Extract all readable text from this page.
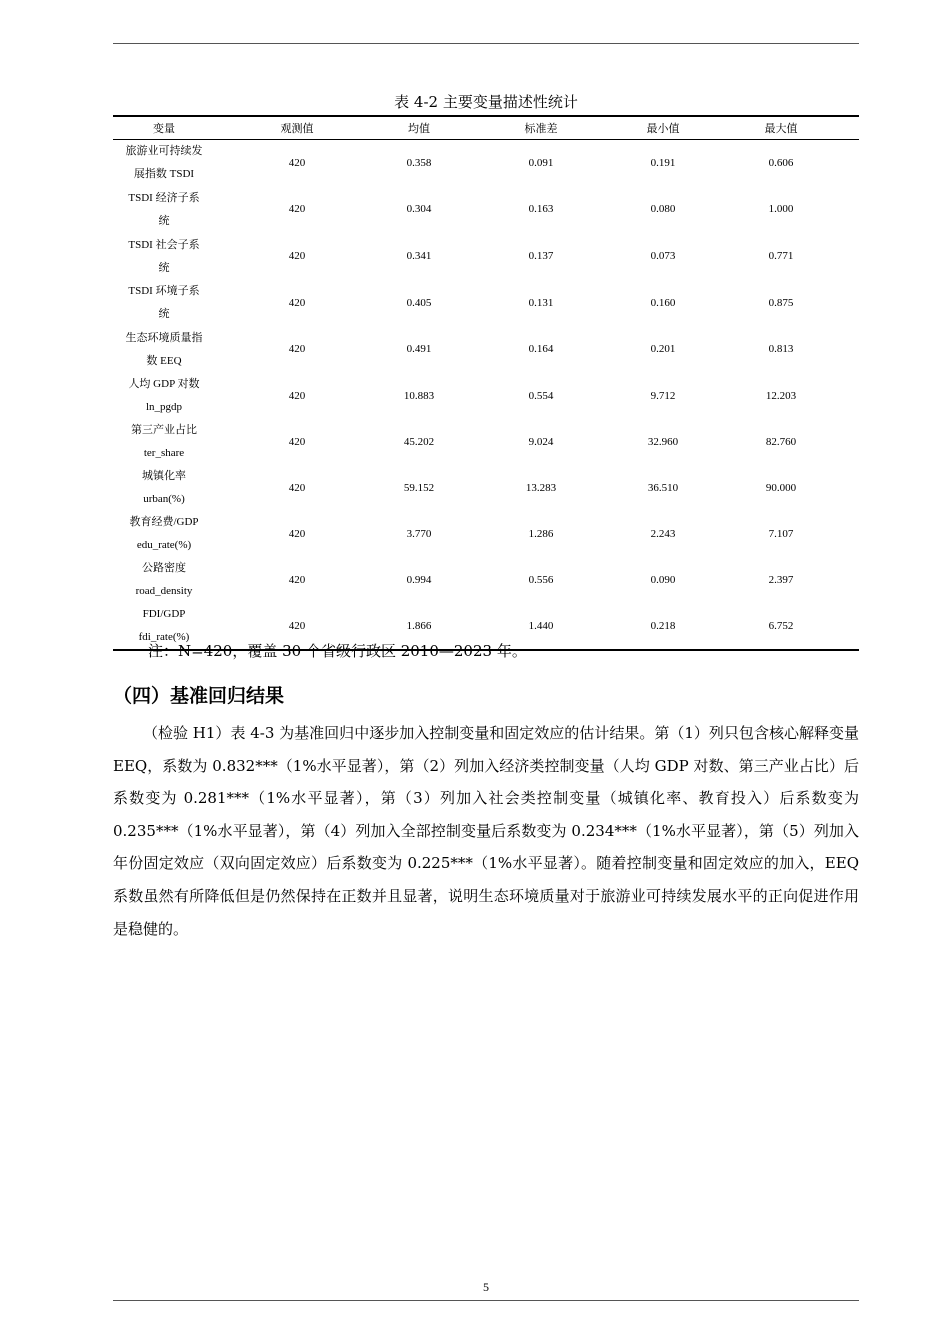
表 4-2 主要变量描述性统计
变量	观测值	均值	标准差	最小值	最大值

旅游业可持续发
展指数 TSDI	420	0.358	0.091	0.191	0.606

TSDI 经济子系
统	420	0.304	0.163	0.080	1.000

TSDI 社会子系
统	420	0.341	0.137	0.073	0.771

TSDI 环境子系
统	420	0.405	0.131	0.160	0.875

生态环境质量指
数 EEQ	420	0.491	0.164	0.201	0.813

人均 GDP 对数
ln_pgdp	420	10.883	0.554	9.712	12.203

第三产业占比
ter_share	420	45.202	9.024	32.960	82.760

城镇化率
urban(%)	420	59.152	13.283	36.510	90.000

教育经费/GDP
edu_rate(%)	420	3.770	1.286	2.243	7.107

公路密度
road_density	420	0.994	0.556	0.090	2.397

FDI/GDP
fdi_rate(%)	420	1.866	1.440	0.218	6.752
注：N=420，覆盖 30 个省级行政区 2010—2023 年。
（四）基准回归结果

（检验 H1）表 4-3 为基准回归中逐步加入控制变量和固定效应的估计结果。第（1）列只包含核心解释变量 EEQ，系数为 0.832***（1%水平显著），第（2）列加入经济类控制变量（人均 GDP 对数、第三产业占比）后系数变为 0.281***（1%水平显著），第（3）列加入社会类控制变量（城镇化率、教育投入）后系数变为 0.235***（1%水平显著），第（4）列加入全部控制变量后系数变为 0.234***（1%水平显著），第（5）列加入年份固定效应（双向固定效应）后系数变为 0.225***（1%水平显著）。随着控制变量和固定效应的加入，EEQ 系数虽然有所降低但是仍然保持在正数并且显著，说明生态环境质量对于旅游业可持续发展水平的正向促进作用是稳健的。

5
